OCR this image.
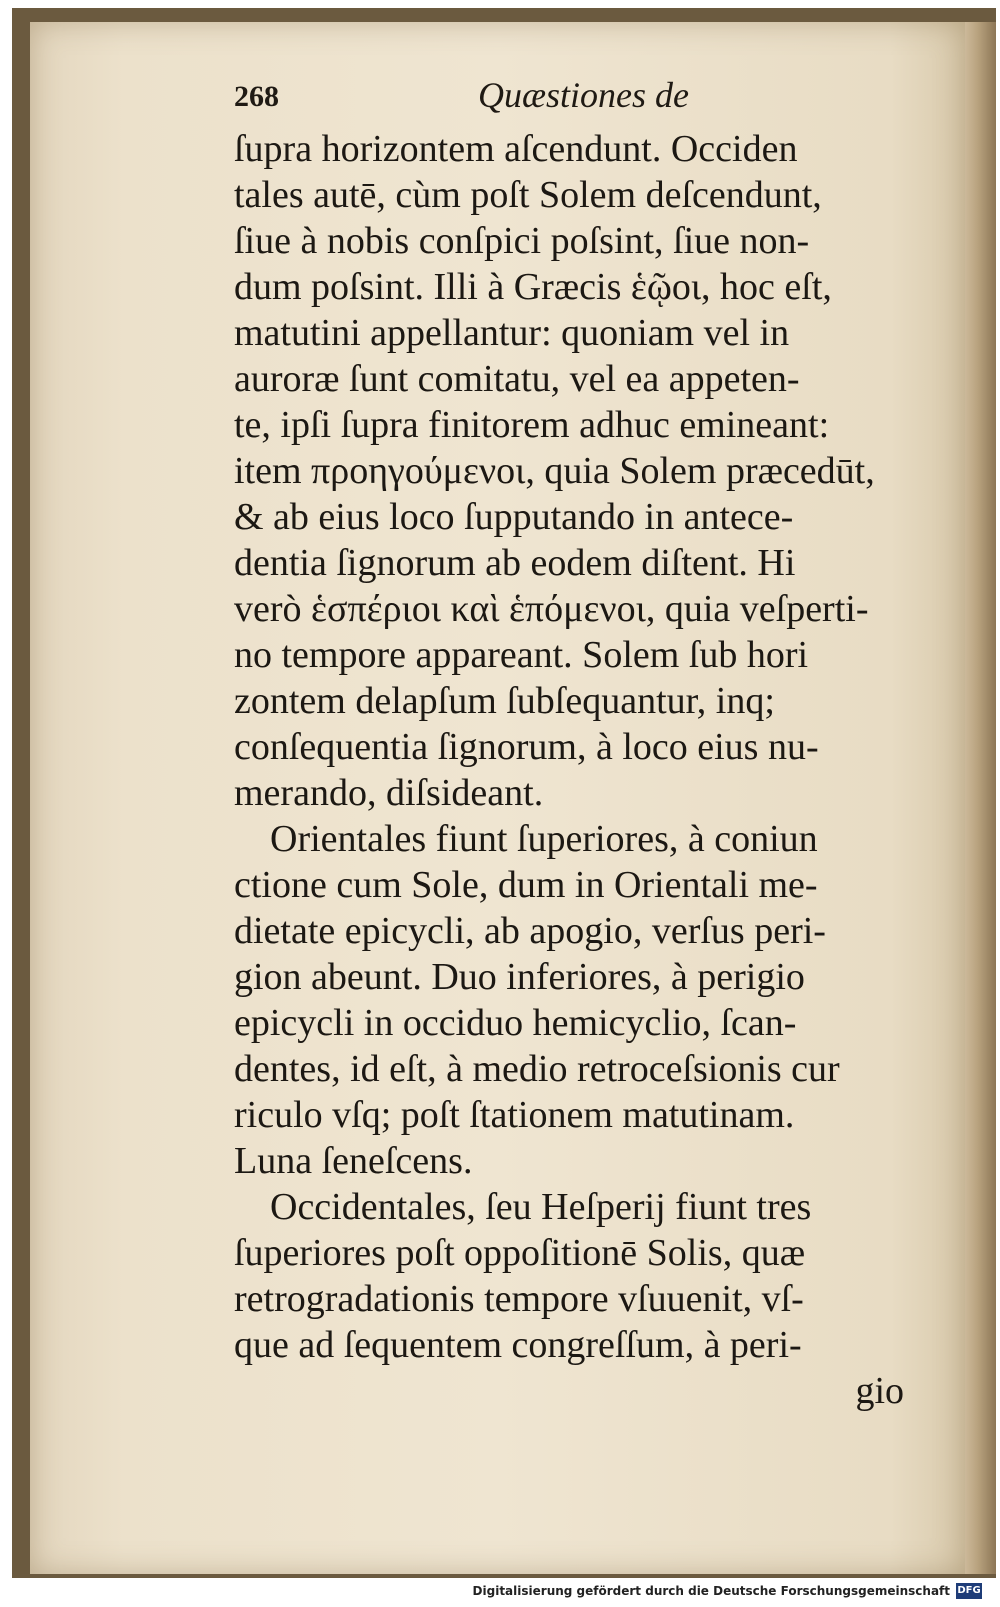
268	Quæstiones de
ſupra horizontem aſcendunt. Occiden
tales autē, cùm poſt Solem deſcendunt,
ſiue à nobis conſpici poſsint, ſiue non-
dum poſsint. Illi à Græcis ἑῷοι, hoc eſt,
matutini appellantur: quoniam vel in
auroræ ſunt comitatu, vel ea appeten-
te, ipſi ſupra finitorem adhuc emineant:
item προηγούμενοι, quia Solem præcedūt,
& ab eius loco ſupputando in antece-
dentia ſignorum ab eodem diſtent. Hi
verò ἑσπέριοι καὶ ἑπόμενοι, quia veſperti-
no tempore appareant. Solem ſub hori
zontem delapſum ſubſequantur, inq;
conſequentia ſignorum, à loco eius nu-
merando, diſsideant.
Orientales fiunt ſuperiores, à coniun
ctione cum Sole, dum in Orientali me-
dietate epicycli, ab apogio, verſus peri-
gion abeunt. Duo inferiores, à perigio
epicycli in occiduo hemicyclio, ſcan-
dentes, id eſt, à medio retroceſsionis cur
riculo vſq; poſt ſtationem matutinam.
Luna ſeneſcens.
Occidentales, ſeu Heſperij fiunt tres
ſuperiores poſt oppoſitionē Solis, quæ
retrogradationis tempore vſuuenit, vſ-
que ad ſequentem congreſſum, à peri-
gio
Digitalisierung gefördert durch die Deutsche Forschungsgemeinschaft DFG
